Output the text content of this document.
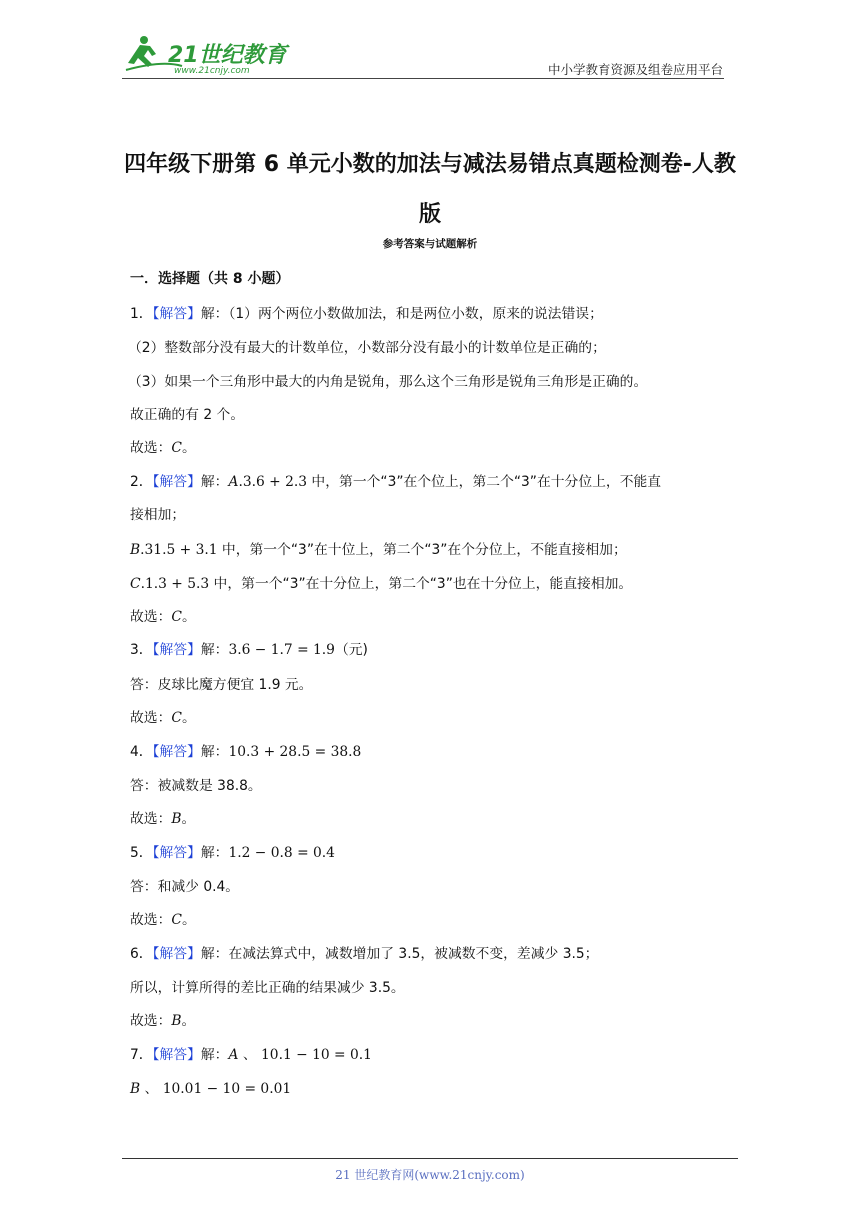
21世纪教育
www.21cnjy.com	中小学教育资源及组卷应用平台
四年级下册第 6 单元小数的加法与减法易错点真题检测卷-人教
版
参考答案与试题解析
一．选择题（共 8 小题）
1．【解答】解：（1）两个两位小数做加法，和是两位小数，原来的说法错误；
（2）整数部分没有最大的计数单位，小数部分没有最小的计数单位是正确的；
（3）如果一个三角形中最大的内角是锐角，那么这个三角形是锐角三角形是正确的。
故正确的有 2 个。
故选：C。
2．【解答】解：A.3.6 + 2.3 中，第一个“3”在个位上，第二个“3”在十分位上，不能直
接相加；
B.31.5 + 3.1 中，第一个“3”在十位上，第二个“3”在个分位上，不能直接相加；
C.1.3 + 5.3 中，第一个“3”在十分位上，第二个“3”也在十分位上，能直接相加。
故选：C。
3．【解答】解：3.6 − 1.7 = 1.9（元)
答：皮球比魔方便宜 1.9 元。
故选：C。
4．【解答】解：10.3 + 28.5 = 38.8
答：被减数是 38.8。
故选：B。
5．【解答】解：1.2 − 0.8 = 0.4
答：和减少 0.4。
故选：C。
6．【解答】解：在减法算式中，减数增加了 3.5，被减数不变，差减少 3.5；
所以，计算所得的差比正确的结果减少 3.5。
故选：B。
7．【解答】解：A 、 10.1 − 10 = 0.1
B 、 10.01 − 10 = 0.01
21 世纪教育网(www.21cnjy.com)
